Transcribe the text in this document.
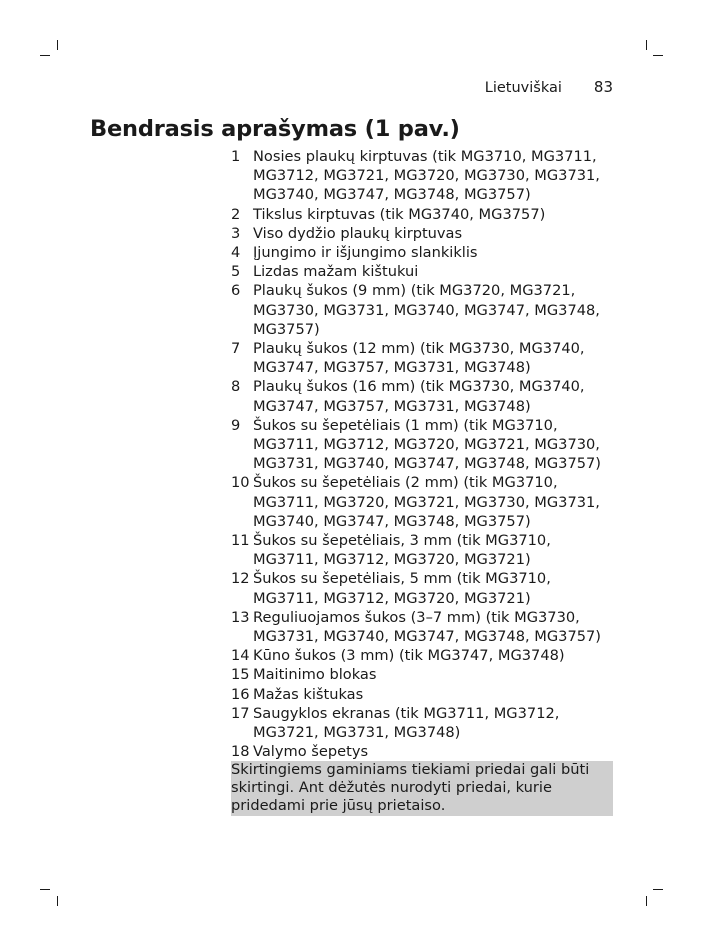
Lietuviškai 83
Bendrasis aprašymas (1 pav.)
1 Nosies plaukų kirptuvas (tik MG3710, MG3711, MG3712, MG3721, MG3720, MG3730, MG3731, MG3740, MG3747, MG3748, MG3757)
2 Tikslus kirptuvas (tik MG3740, MG3757)
3 Viso dydžio plaukų kirptuvas
4 Įjungimo ir išjungimo slankiklis
5 Lizdas mažam kištukui
6 Plaukų šukos (9 mm) (tik MG3720, MG3721, MG3730, MG3731, MG3740, MG3747, MG3748, MG3757)
7 Plaukų šukos (12 mm) (tik MG3730, MG3740, MG3747, MG3757, MG3731, MG3748)
8 Plaukų šukos (16 mm) (tik MG3730, MG3740, MG3747, MG3757, MG3731, MG3748)
9 Šukos su šepetėliais (1 mm) (tik MG3710, MG3711, MG3712, MG3720, MG3721, MG3730, MG3731, MG3740, MG3747, MG3748, MG3757)
10 Šukos su šepetėliais (2 mm) (tik MG3710, MG3711, MG3720, MG3721, MG3730, MG3731, MG3740, MG3747, MG3748, MG3757)
11 Šukos su šepetėliais, 3 mm (tik MG3710, MG3711, MG3712, MG3720, MG3721)
12 Šukos su šepetėliais, 5 mm (tik MG3710, MG3711, MG3712, MG3720, MG3721)
13 Reguliuojamos šukos (3–7 mm) (tik MG3730, MG3731, MG3740, MG3747, MG3748, MG3757)
14 Kūno šukos (3 mm) (tik MG3747, MG3748)
15 Maitinimo blokas
16 Mažas kištukas
17 Saugyklos ekranas (tik MG3711, MG3712, MG3721, MG3731, MG3748)
18 Valymo šepetys
Skirtingiems gaminiams tiekiami priedai gali būti skirtingi. Ant dėžutės nurodyti priedai, kurie pridedami prie jūsų prietaiso.
